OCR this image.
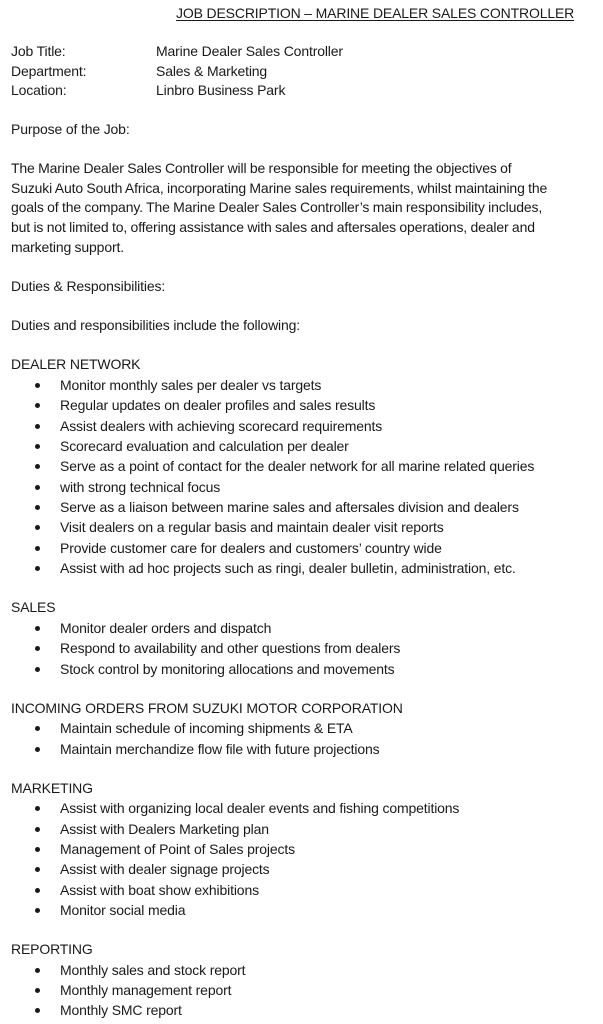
JOB DESCRIPTION – MARINE DEALER SALES CONTROLLER
Job Title:	Marine Dealer Sales Controller
Department:	Sales & Marketing
Location:	Linbro Business Park

Purpose of the Job:

The Marine Dealer Sales Controller will be responsible for meeting the objectives of
Suzuki Auto South Africa, incorporating Marine sales requirements, whilst maintaining the
goals of the company. The Marine Dealer Sales Controller’s main responsibility includes,
but is not limited to, offering assistance with sales and aftersales operations, dealer and
marketing support.

Duties & Responsibilities:

Duties and responsibilities include the following:

DEALER NETWORK

Monitor monthly sales per dealer vs targets
Regular updates on dealer profiles and sales results
Assist dealers with achieving scorecard requirements
Scorecard evaluation and calculation per dealer
Serve as a point of contact for the dealer network for all marine related queries
with strong technical focus
Serve as a liaison between marine sales and aftersales division and dealers
Visit dealers on a regular basis and maintain dealer visit reports
Provide customer care for dealers and customers’ country wide
Assist with ad hoc projects such as ringi, dealer bulletin, administration, etc.

SALES

Monitor dealer orders and dispatch
Respond to availability and other questions from dealers
Stock control by monitoring allocations and movements

INCOMING ORDERS FROM SUZUKI MOTOR CORPORATION

Maintain schedule of incoming shipments & ETA
Maintain merchandize flow file with future projections

MARKETING

Assist with organizing local dealer events and fishing competitions
Assist with Dealers Marketing plan
Management of Point of Sales projects
Assist with dealer signage projects
Assist with boat show exhibitions
Monitor social media

REPORTING

Monthly sales and stock report
Monthly management report
Monthly SMC report
